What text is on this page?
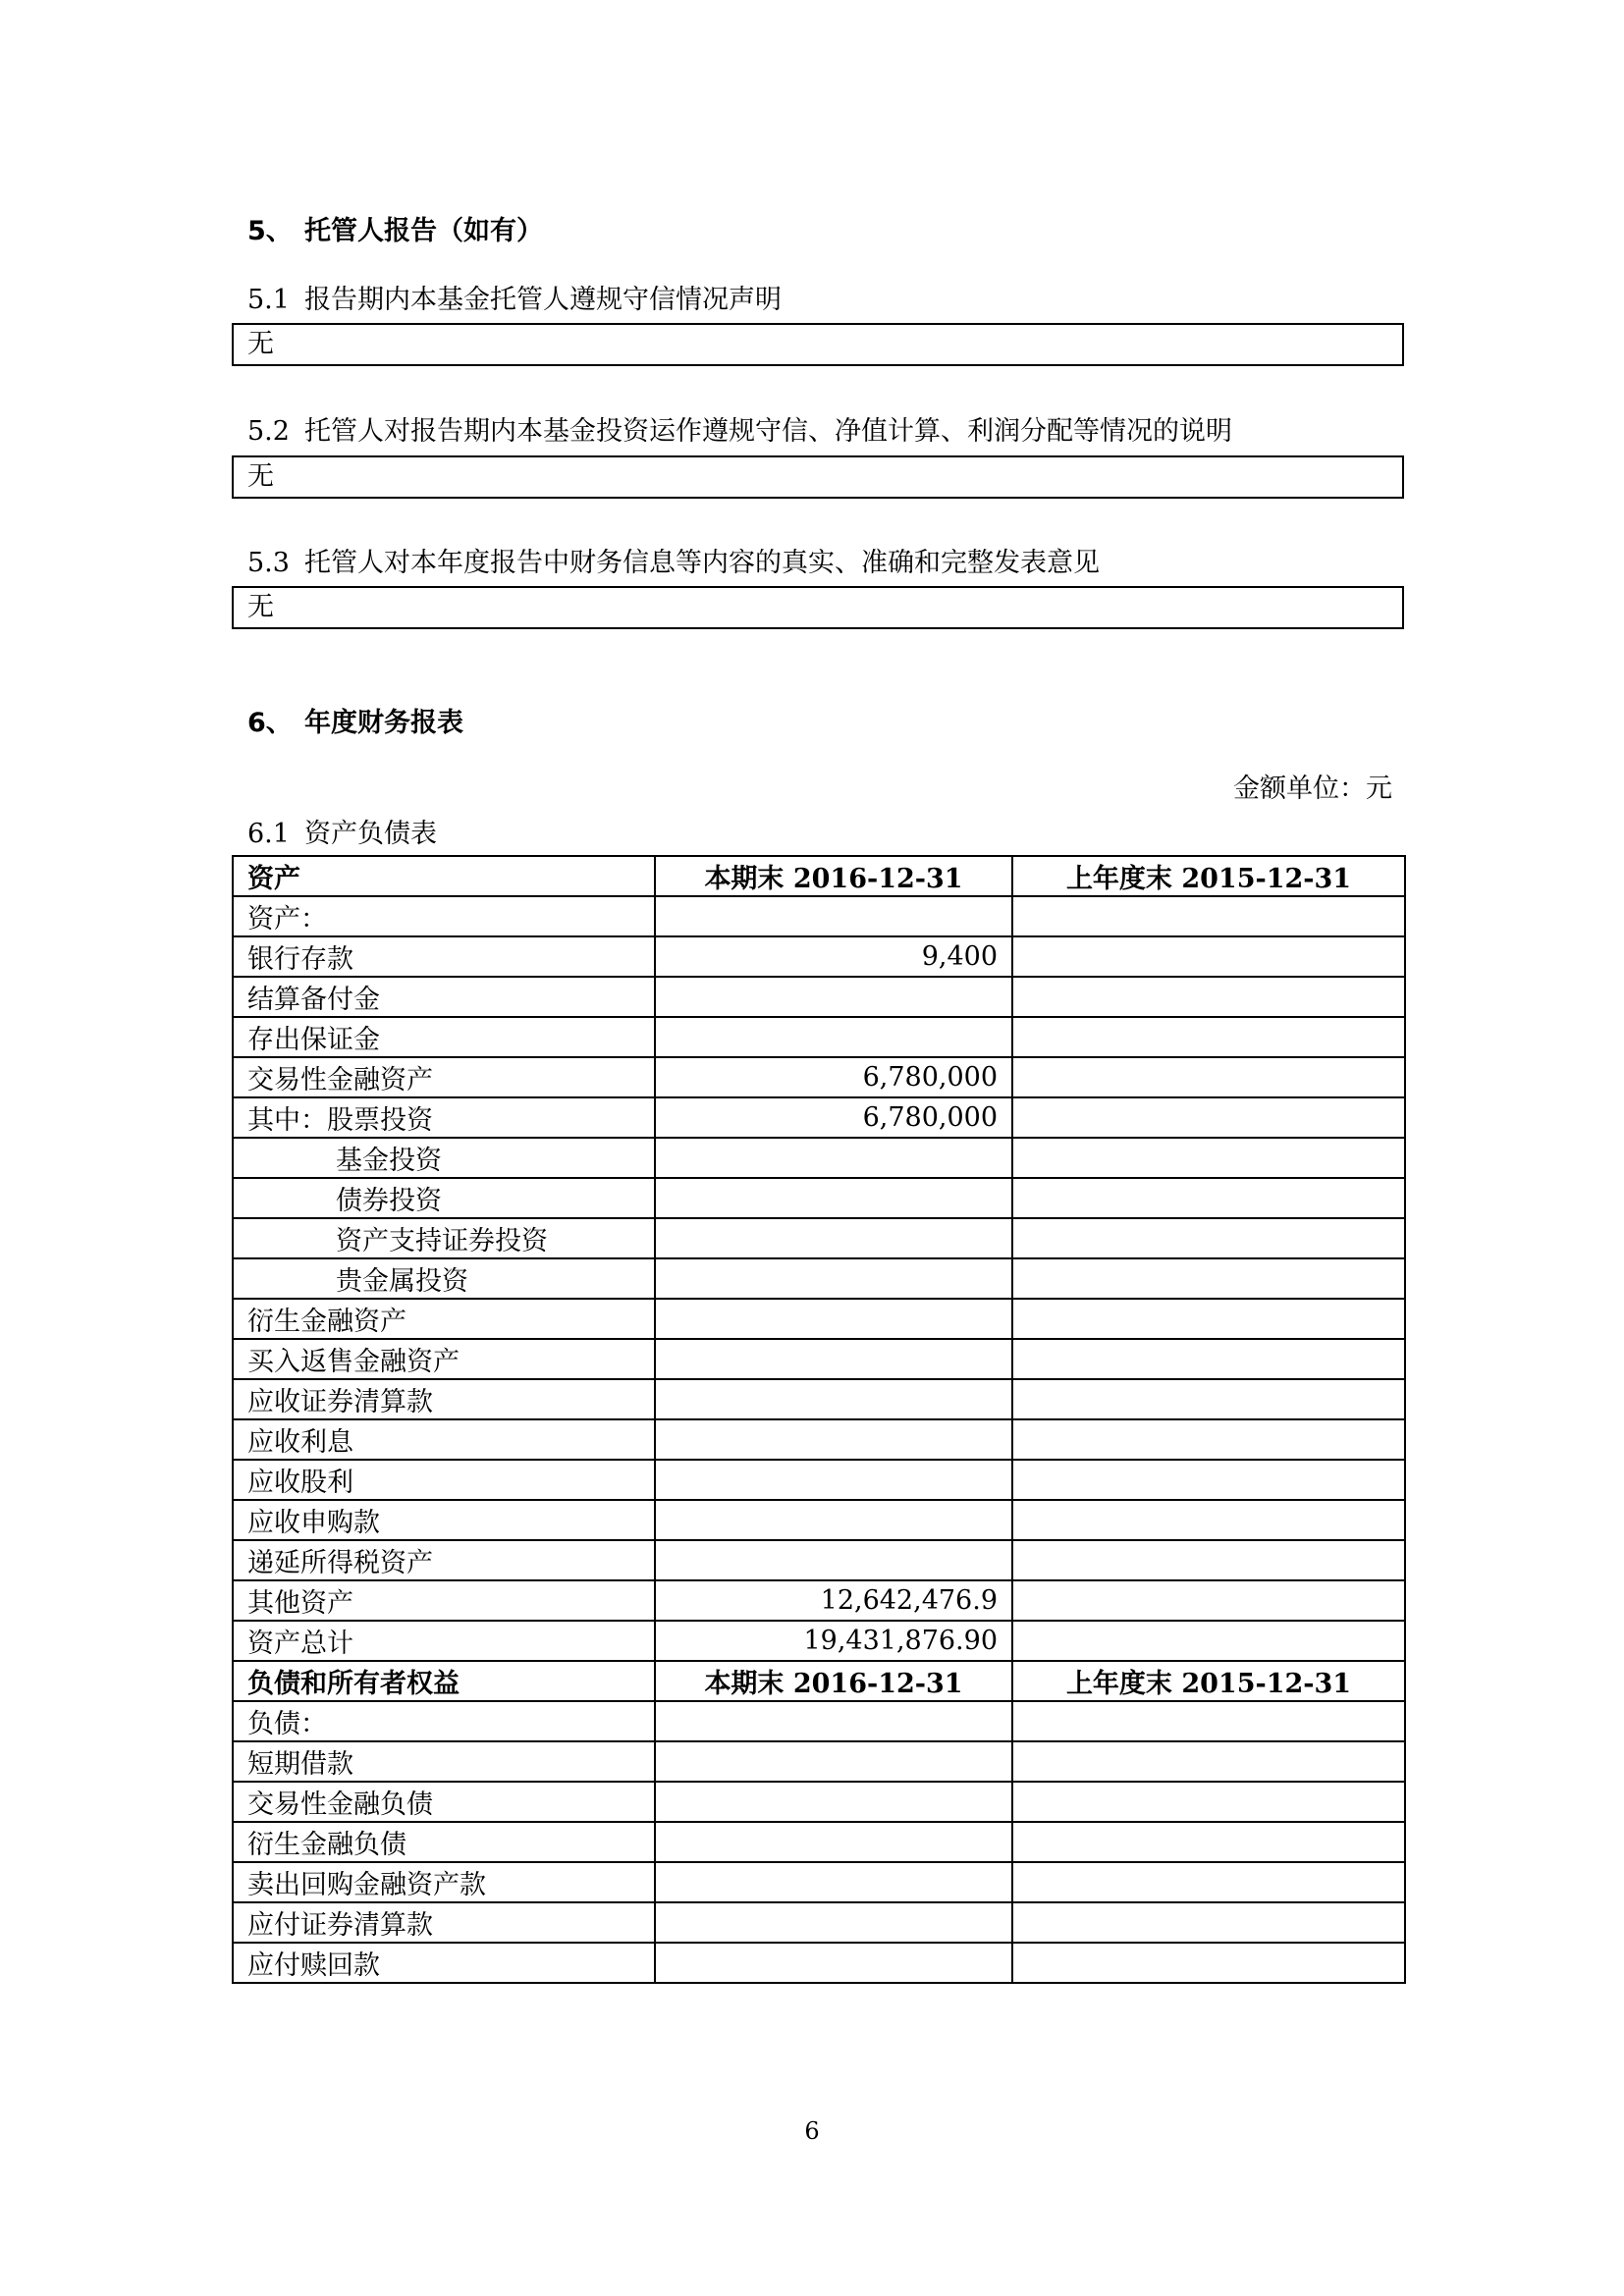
5、 托管人报告（如有）
5.1 报告期内本基金托管人遵规守信情况声明
无
5.2 托管人对报告期内本基金投资运作遵规守信、净值计算、利润分配等情况的说明
无
5.3 托管人对本年度报告中财务信息等内容的真实、准确和完整发表意见
无
6、 年度财务报表
金额单位：元
6.1 资产负债表
资产	本期末 2016-12-31	上年度末 2015-12-31
资产：		
银行存款	9,400	
结算备付金		
存出保证金		
交易性金融资产	6,780,000	
其中：股票投资	6,780,000	
基金投资		
债券投资		
资产支持证券投资		
贵金属投资		
衍生金融资产		
买入返售金融资产		
应收证券清算款		
应收利息		
应收股利		
应收申购款		
递延所得税资产		
其他资产	12,642,476.9	
资产总计	19,431,876.90	
负债和所有者权益	本期末 2016-12-31	上年度末 2015-12-31
负债：		
短期借款		
交易性金融负债		
衍生金融负债		
卖出回购金融资产款		
应付证券清算款		
应付赎回款		
6
